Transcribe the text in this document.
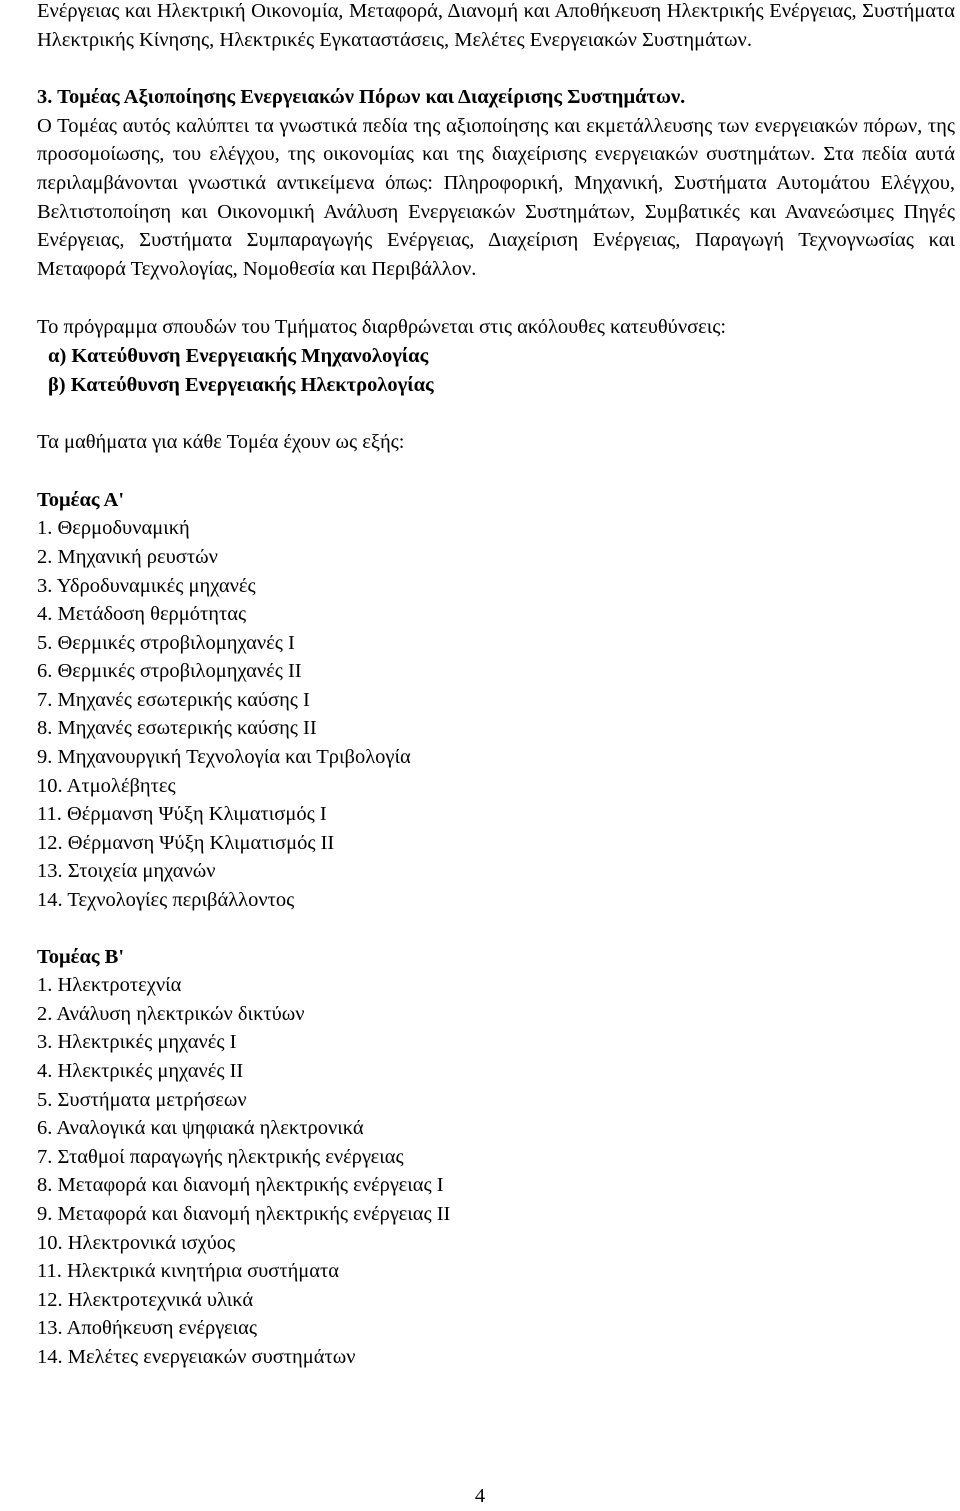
Ενέργειας και Ηλεκτρική Οικονομία, Μεταφορά, Διανομή και Αποθήκευση Ηλεκτρικής Ενέργειας, Συστήματα Ηλεκτρικής Κίνησης, Ηλεκτρικές Εγκαταστάσεις, Μελέτες Ενεργειακών Συστημάτων.

3. Τομέας Αξιοποίησης Ενεργειακών Πόρων και Διαχείρισης Συστημάτων.

Ο Τομέας αυτός καλύπτει τα γνωστικά πεδία της αξιοποίησης και εκμετάλλευσης των ενεργειακών πόρων, της προσομοίωσης, του ελέγχου, της οικονομίας και της διαχείρισης ενεργειακών συστημάτων. Στα πεδία αυτά περιλαμβάνονται γνωστικά αντικείμενα όπως: Πληροφορική, Μηχανική, Συστήματα Αυτομάτου Ελέγχου, Βελτιστοποίηση και Οικονομική Ανάλυση Ενεργειακών Συστημάτων, Συμβατικές και Ανανεώσιμες Πηγές Ενέργειας, Συστήματα Συμπαραγωγής Ενέργειας, Διαχείριση Ενέργειας, Παραγωγή Τεχνογνωσίας και Μεταφορά Τεχνολογίας, Νομοθεσία και Περιβάλλον.

Το πρόγραμμα σπουδών του Τμήματος διαρθρώνεται στις ακόλουθες κατευθύνσεις:

α) Κατεύθυνση Ενεργειακής Μηχανολογίας

β) Κατεύθυνση Ενεργειακής Ηλεκτρολογίας

Τα μαθήματα για κάθε Τομέα έχουν ως εξής:

Τομέας Α'

1. Θερμοδυναμική
2. Μηχανική ρευστών
3. Υδροδυναμικές μηχανές
4. Μετάδοση θερμότητας
5. Θερμικές στροβιλομηχανές Ι
6. Θερμικές στροβιλομηχανές ΙΙ
7. Μηχανές εσωτερικής καύσης Ι
8. Μηχανές εσωτερικής καύσης ΙΙ
9. Μηχανουργική Τεχνολογία και Τριβολογία
10. Ατμολέβητες
11. Θέρμανση Ψύξη Κλιματισμός Ι
12. Θέρμανση Ψύξη Κλιματισμός ΙΙ
13. Στοιχεία μηχανών
14. Τεχνολογίες περιβάλλοντος

Τομέας Β'

1. Ηλεκτροτεχνία
2. Ανάλυση ηλεκτρικών δικτύων
3. Ηλεκτρικές μηχανές Ι
4. Ηλεκτρικές μηχανές ΙΙ
5. Συστήματα μετρήσεων
6. Αναλογικά και ψηφιακά ηλεκτρονικά
7. Σταθμοί παραγωγής ηλεκτρικής ενέργειας
8. Μεταφορά και διανομή ηλεκτρικής ενέργειας Ι
9. Μεταφορά και διανομή ηλεκτρικής ενέργειας ΙΙ
10. Ηλεκτρονικά ισχύος
11. Ηλεκτρικά κινητήρια συστήματα
12. Ηλεκτροτεχνικά υλικά
13. Αποθήκευση ενέργειας
14. Μελέτες ενεργειακών συστημάτων
4
